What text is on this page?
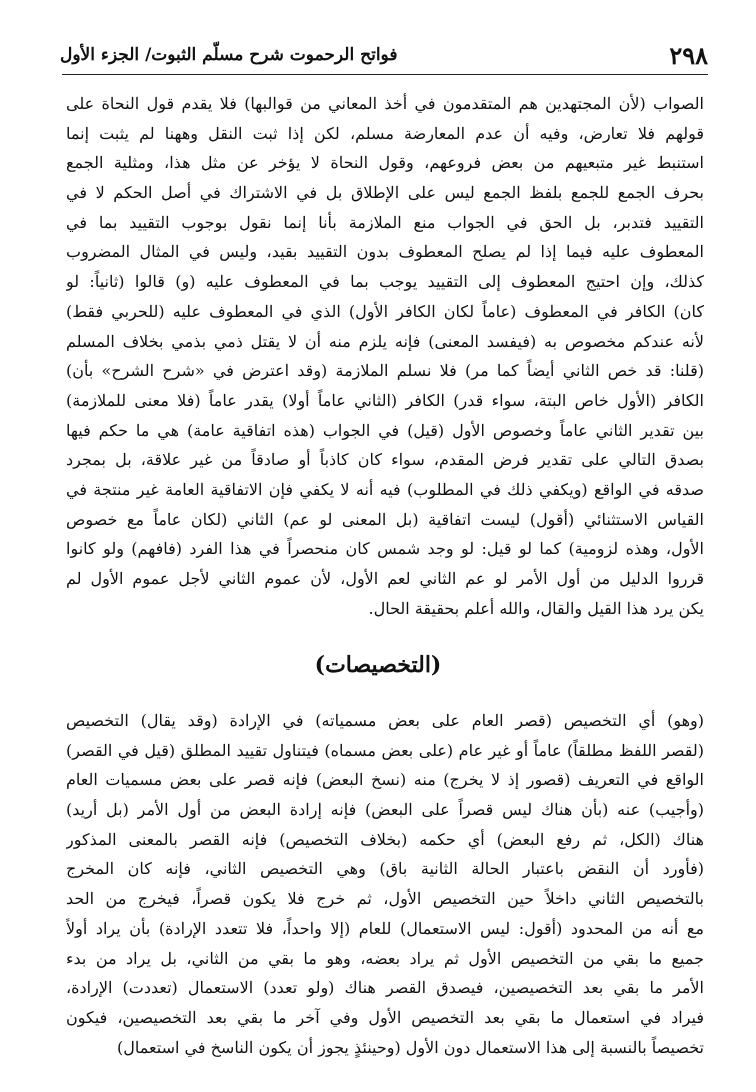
٢٩٨
فواتح الرحموت شرح مسلّم الثبوت/ الجزء الأول
الصواب (لأن المجتهدين هم المتقدمون في أخذ المعاني من قوالبها) فلا يقدم قول النحاة على
قولهم فلا تعارض، وفيه أن عدم المعارضة مسلم، لكن إذا ثبت النقل وههنا لم يثبت إنما
استنبط غير متبعيهم من بعض فروعهم، وقول النحاة لا يؤخر عن مثل هذا، ومثلية الجمع
بحرف الجمع للجمع بلفظ الجمع ليس على الإطلاق بل في الاشتراك في أصل الحكم لا في
التقييد فتدبر، بل الحق في الجواب منع الملازمة بأنا إنما نقول بوجوب التقييد بما في
المعطوف عليه فيما إذا لم يصلح المعطوف بدون التقييد بقيد، وليس في المثال المضروب
كذلك، وإن احتيج المعطوف إلى التقييد يوجب بما في المعطوف عليه (و) قالوا (ثانياً: لو
كان) الكافر في المعطوف (عاماً لكان الكافر الأول) الذي في المعطوف عليه (للحربي فقط)
لأنه عندكم مخصوص به (فيفسد المعنى) فإنه يلزم منه أن لا يقتل ذمي بذمي بخلاف المسلم
(قلنا: قد خص الثاني أيضاً كما مر) فلا نسلم الملازمة (وقد اعترض في «شرح الشرح» بأن)
الكافر (الأول خاص البتة، سواء قدر) الكافر (الثاني عاماً أولا) يقدر عاماً (فلا معنى للملازمة)
بين تقدير الثاني عاماً وخصوص الأول (قيل) في الجواب (هذه اتفاقية عامة) هي ما حكم فيها
بصدق التالي على تقدير فرض المقدم، سواء كان كاذباً أو صادقاً من غير علاقة، بل بمجرد
صدقه في الواقع (ويكفي ذلك في المطلوب) فيه أنه لا يكفي فإن الاتفاقية العامة غير منتجة في
القياس الاستثنائي (أقول) ليست اتفاقية (بل المعنى لو عم) الثاني (لكان عاماً مع خصوص
الأول، وهذه لزومية) كما لو قيل: لو وجد شمس كان منحصراً في هذا الفرد (فافهم) ولو كانوا
قرروا الدليل من أول الأمر لو عم الثاني لعم الأول، لأن عموم الثاني لأجل عموم الأول لم
يكن يرد هذا القيل والقال، والله أعلم بحقيقة الحال.
(التخصيصات)
(وهو) أي التخصيص (قصر العام على بعض مسمياته) في الإرادة (وقد يقال) التخصيص
(لقصر اللفظ مطلقاً) عاماً أو غير عام (على بعض مسماه) فيتناول تقييد المطلق (قيل في القصر)
الواقع في التعريف (قصور إذ لا يخرج) منه (نسخ البعض) فإنه قصر على بعض مسميات العام
(وأجيب) عنه (بأن هناك ليس قصراً على البعض) فإنه إرادة البعض من أول الأمر (بل أريد)
هناك (الكل، ثم رفع البعض) أي حكمه (بخلاف التخصيص) فإنه القصر بالمعنى المذكور
(فأورد أن النقض باعتبار الحالة الثانية باق) وهي التخصيص الثاني، فإنه كان المخرج
بالتخصيص الثاني داخلاً حين التخصيص الأول، ثم خرج فلا يكون قصراً، فيخرج من الحد
مع أنه من المحدود (أقول: ليس الاستعمال) للعام (إلا واحداً، فلا تتعدد الإرادة) بأن يراد أولاً
جميع ما بقي من التخصيص الأول ثم يراد بعضه، وهو ما بقي من الثاني، بل يراد من بدء
الأمر ما بقي بعد التخصيصين، فيصدق القصر هناك (ولو تعدد) الاستعمال (تعددت) الإرادة،
فيراد في استعمال ما بقي بعد التخصيص الأول وفي آخر ما بقي بعد التخصيصين، فيكون
تخصيصاً بالنسبة إلى هذا الاستعمال دون الأول (وحينئذٍ يجوز أن يكون الناسخ في استعمال)
